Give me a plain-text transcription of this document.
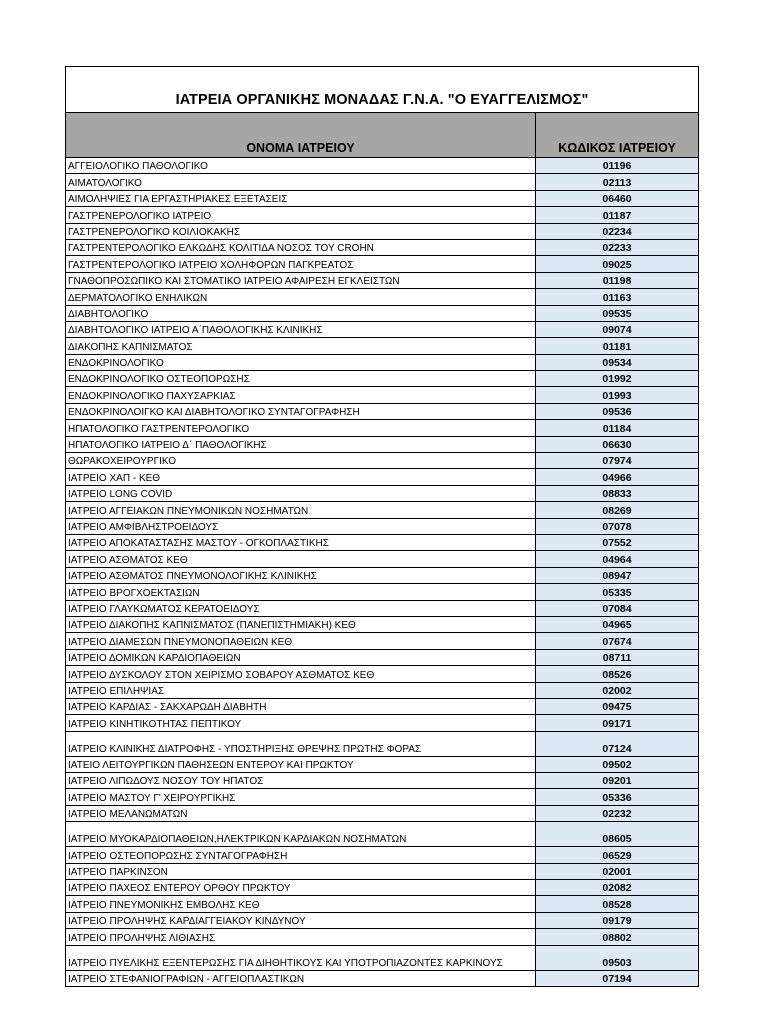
ΙΑΤΡΕΙΑ ΟΡΓΑΝΙΚΗΣ ΜΟΝΑΔΑΣ Γ.Ν.Α. "Ο ΕΥΑΓΓΕΛΙΣΜΟΣ"
ΟΝΟΜΑ ΙΑΤΡΕΙΟΥ	ΚΩΔΙΚΟΣ ΙΑΤΡΕΙΟΥ
ΑΓΓΕΙΟΛΟΓΙΚΟ ΠΑΘΟΛΟΓΙΚΟ	01196
ΑΙΜΑΤΟΛΟΓΙΚΟ	02113
ΑΙΜΟΛΗΨΙΕΣ ΓΙΑ ΕΡΓΑΣΤΗΡΙΑΚΕΣ ΕΞΕΤΑΣΕΙΣ	06460
ΓΑΣΤΡΕΝΕΡΟΛΟΓΙΚΟ ΙΑΤΡΕΙΟ	01187
ΓΑΣΤΡΕΝΕΡΟΛΟΓΙΚΟ ΚΟΙΛΙΟΚΑΚΗΣ	02234
ΓΑΣΤΡΕΝΤΕΡΟΛΟΓΙΚΟ ΕΛΚΩΔΗΣ ΚΟΛΙΤΙΔΑ ΝΟΣΟΣ ΤΟΥ CROHN	02233
ΓΑΣΤΡΕΝΤΕΡΟΛΟΓΙΚΟ ΙΑΤΡΕΙΟ ΧΟΛΗΦΟΡΩΝ ΠΑΓΚΡΕΑΤΟΣ	09025
ΓΝΑΘΟΠΡΟΣΩΠΙΚΟ ΚΑΙ ΣΤΟΜΑΤΙΚΟ ΙΑΤΡΕΙΟ ΑΦΑΙΡΕΣΗ ΕΓΚΛΕΙΣΤΩΝ	01198
ΔΕΡΜΑΤΟΛΟΓΙΚΟ ΕΝΗΛΙΚΩΝ	01163
ΔΙΑΒΗΤΟΛΟΓΙΚΟ	09535
ΔΙΑΒΗΤΟΛΟΓΙΚΟ ΙΑΤΡΕΙΟ Α΄ΠΑΘΟΛΟΓΙΚΗΣ ΚΛΙΝΙΚΗΣ	09074
ΔΙΑΚΟΠΗΣ ΚΑΠΝΙΣΜΑΤΟΣ	01181
ΕΝΔΟΚΡΙΝΟΛΟΓΙΚΟ	09534
ΕΝΔΟΚΡΙΝΟΛΟΓΙΚΟ ΟΣΤΕΟΠΟΡΩΣΗΣ	01992
ΕΝΔΟΚΡΙΝΟΛΟΓΙΚΟ ΠΑΧΥΣΑΡΚΙΑΣ	01993
ΕΝΔΟΚΡΙΝΟΛΟΙΓΚΟ ΚΑΙ ΔΙΑΒΗΤΟΛΟΓΙΚΟ ΣΥΝΤΑΓΟΓΡΑΦΗΣΗ	09536
ΗΠΑΤΟΛΟΓΙΚΟ ΓΑΣΤΡΕΝΤΕΡΟΛΟΓΙΚΟ	01184
ΗΠΑΤΟΛΟΓΙΚΟ ΙΑΤΡΕΙΟ Δ΄ ΠΑΘΟΛΟΓΙΚΗΣ	06630
ΘΩΡΑΚΟΧΕΙΡΟΥΡΓΙΚΟ	07974
ΙΑΤΡΕΙΟ ΧΑΠ - ΚΕΘ	04966
ΙΑΤΡΕΙΟ LONG COVID	08833
ΙΑΤΡΕΙΟ ΑΓΓΕΙΑΚΩΝ ΠΝΕΥΜΟΝΙΚΩΝ ΝΟΣΗΜΑΤΩΝ	08269
ΙΑΤΡΕΙΟ ΑΜΦΙΒΛΗΣΤΡΟΕΙΔΟΥΣ	07078
ΙΑΤΡΕΙΟ ΑΠΟΚΑΤΑΣΤΑΣΗΣ ΜΑΣΤΟΥ - ΟΓΚΟΠΛΑΣΤΙΚΗΣ	07552
ΙΑΤΡΕΙΟ ΑΣΘΜΑΤΟΣ ΚΕΘ	04964
ΙΑΤΡΕΙΟ ΑΣΘΜΑΤΟΣ ΠΝΕΥΜΟΝΟΛΟΓΙΚΗΣ ΚΛΙΝΙΚΗΣ	08947
ΙΑΤΡΕΙΟ ΒΡΟΓΧΟΕΚΤΑΣΙΩΝ	05335
ΙΑΤΡΕΙΟ ΓΛΑΥΚΩΜΑΤΟΣ ΚΕΡΑΤΟΕΙΔΟΥΣ	07084
ΙΑΤΡΕΙΟ ΔΙΑΚΟΠΗΣ ΚΑΠΝΙΣΜΑΤΟΣ (ΠΑΝΕΠΙΣΤΗΜΙΑΚΗ) ΚΕΘ	04965
ΙΑΤΡΕΙΟ ΔΙΑΜΕΣΩΝ ΠΝΕΥΜΟΝΟΠΑΘΕΙΩΝ ΚΕΘ	07674
ΙΑΤΡΕΙΟ ΔΟΜΙΚΩΝ ΚΑΡΔΙΟΠΑΘΕΙΩΝ	08711
ΙΑΤΡΕΙΟ ΔΥΣΚΟΛΟΥ ΣΤΟΝ ΧΕΙΡΙΣΜΟ ΣΟΒΑΡΟΥ ΑΣΘΜΑΤΟΣ ΚΕΘ	08526
ΙΑΤΡΕΙΟ ΕΠΙΛΗΨΙΑΣ	02002
ΙΑΤΡΕΙΟ ΚΑΡΔΙΑΣ - ΣΑΚΧΑΡΩΔΗ ΔΙΑΒΗΤΗ	09475
ΙΑΤΡΕΙΟ ΚΙΝΗΤΙΚΟΤΗΤΑΣ ΠΕΠΤΙΚΟΥ	09171
ΙΑΤΡΕΙΟ ΚΛΙΝΙΚΗΣ ΔΙΑΤΡΟΦΗΣ - ΥΠΟΣΤΗΡΙΞΗΣ ΘΡΕΨΗΣ ΠΡΩΤΗΣ ΦΟΡΑΣ	07124
ΙΑΤΕΙΟ ΛΕΙΤΟΥΡΓΙΚΩΝ ΠΑΘΗΣΕΩΝ ΕΝΤΕΡΟΥ ΚΑΙ ΠΡΩΚΤΟΥ	09502
ΙΑΤΡΕΙΟ ΛΙΠΩΔΟΥΣ ΝΟΣΟΥ ΤΟΥ ΗΠΑΤΟΣ	09201
ΙΑΤΡΕΙΟ ΜΑΣΤΟΥ Γ' ΧΕΙΡΟΥΡΓΙΚΗΣ	05336
ΙΑΤΡΕΙΟ ΜΕΛΑΝΩΜΑΤΩΝ	02232
ΙΑΤΡΕΙΟ ΜΥΟΚΑΡΔΙΟΠΑΘΕΙΩΝ,ΗΛΕΚΤΡΙΚΩΝ ΚΑΡΔΙΑΚΩΝ ΝΟΣΗΜΑΤΩΝ	08605
ΙΑΤΡΕΙΟ ΟΣΤΕΟΠΟΡΩΣΗΣ ΣΥΝΤΑΓΟΓΡΑΦΗΣΗ	06529
ΙΑΤΡΕΙΟ ΠΑΡΚΙΝΣΟΝ	02001
ΙΑΤΡΕΙΟ ΠΑΧΕΟΣ ΕΝΤΕΡΟΥ ΟΡΘΟΥ ΠΡΩΚΤΟΥ	02082
ΙΑΤΡΕΙΟ ΠΝΕΥΜΟΝΙΚΗΣ ΕΜΒΟΛΗΣ ΚΕΘ	08528
ΙΑΤΡΕΙΟ ΠΡΟΛΗΨΗΣ ΚΑΡΔΙΑΓΓΕΙΑΚΟΥ ΚΙΝΔΥΝΟΥ	09179
ΙΑΤΡΕΙΟ ΠΡΟΛΗΨΗΣ ΛΙΘΙΑΣΗΣ	08802
ΙΑΤΡΕΙΟ ΠΥΕΛΙΚΗΣ ΕΞΕΝΤΕΡΩΣΗΣ ΓΙΑ ΔΙΗΘΗΤΙΚΟΥΣ ΚΑΙ ΥΠΟΤΡΟΠΙΑΖΟΝΤΕΣ ΚΑΡΚΙΝΟΥΣ	09503
ΙΑΤΡΕΙΟ ΣΤΕΦΑΝΙΟΓΡΑΦΙΩΝ - ΑΓΓΕΙΟΠΛΑΣΤΙΚΩΝ	07194
